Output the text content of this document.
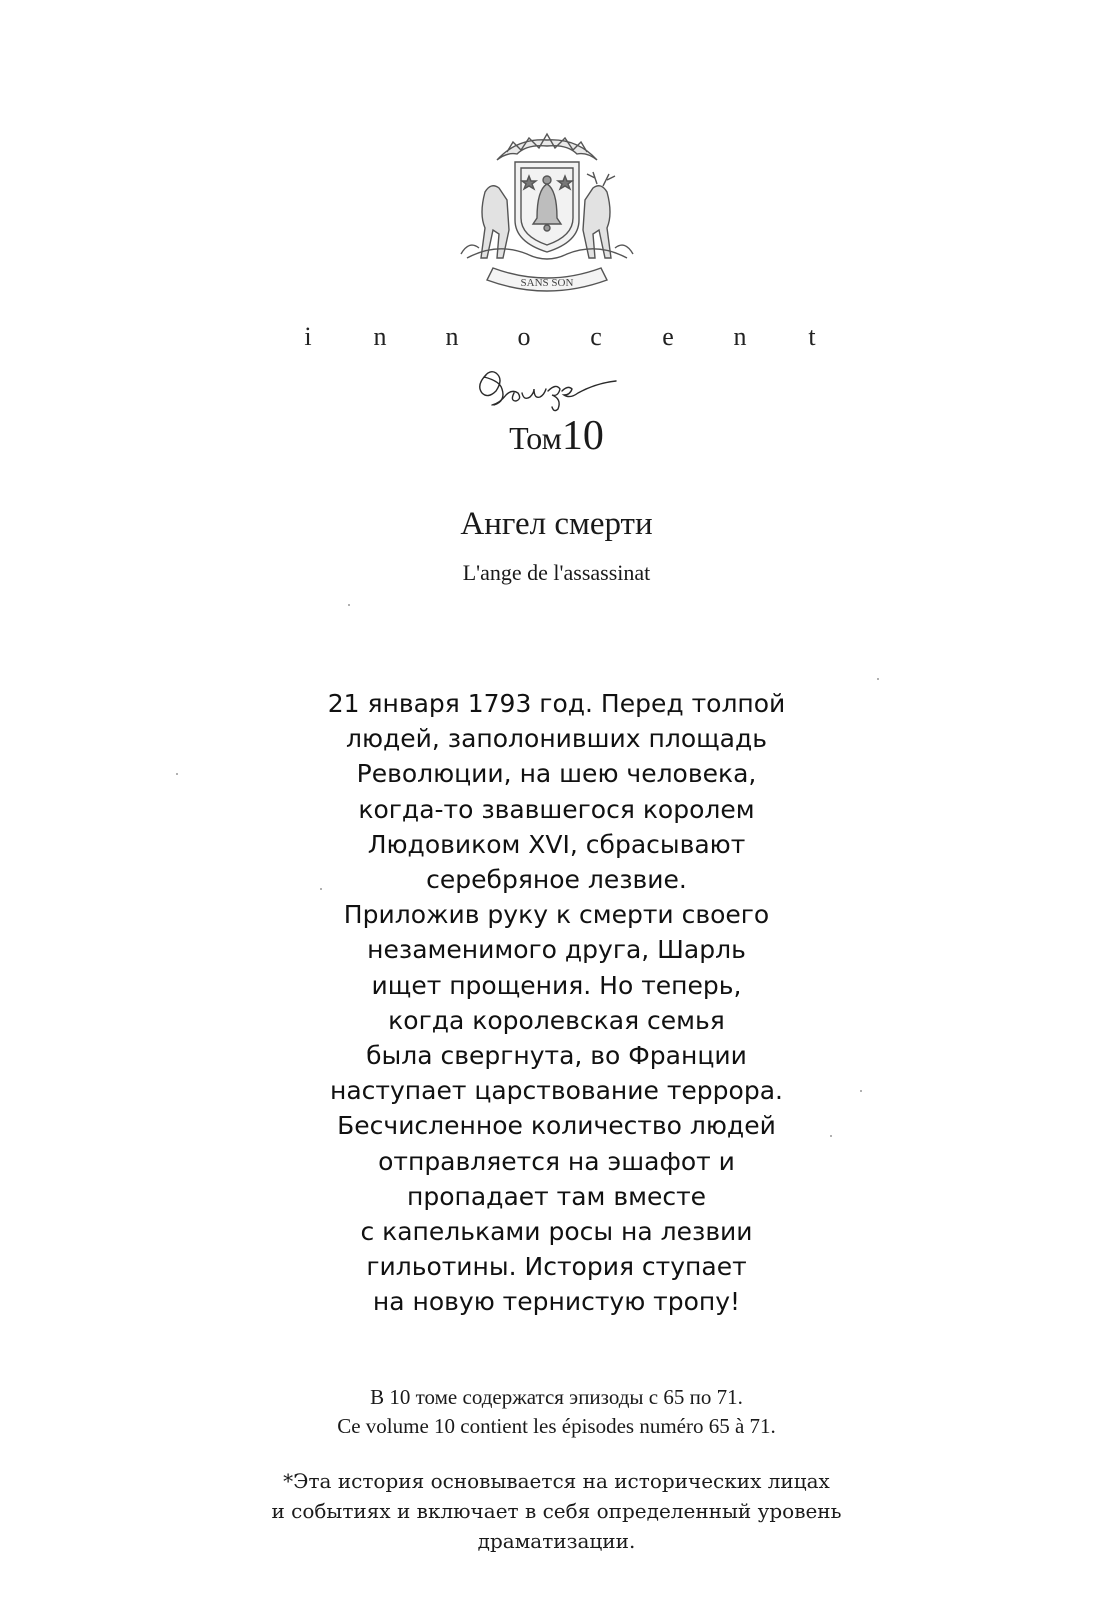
SANS SON
i n n o c e n t
Том10
Ангел смерти

L'ange de l'assassinat

21 января 1793 год. Перед толпой
людей, заполонивших площадь
Революции, на шею человека,
когда-то звавшегося королем
Людовиком XVI, сбрасывают
серебряное лезвие.
Приложив руку к смерти своего
незаменимого друга, Шарль
ищет прощения. Но теперь,
когда королевская семья
была свергнута, во Франции
наступает царствование террора.
Бесчисленное количество людей
отправляется на эшафот и
пропадает там вместе
с капельками росы на лезвии
гильотины. История ступает
на новую тернистую тропу!

В 10 томе содержатся эпизоды с 65 по 71.

Ce volume 10 contient les épisodes numéro 65 à 71.

*Эта история основывается на исторических лицах
и событиях и включает в себя определенный уровень
драматизации.
